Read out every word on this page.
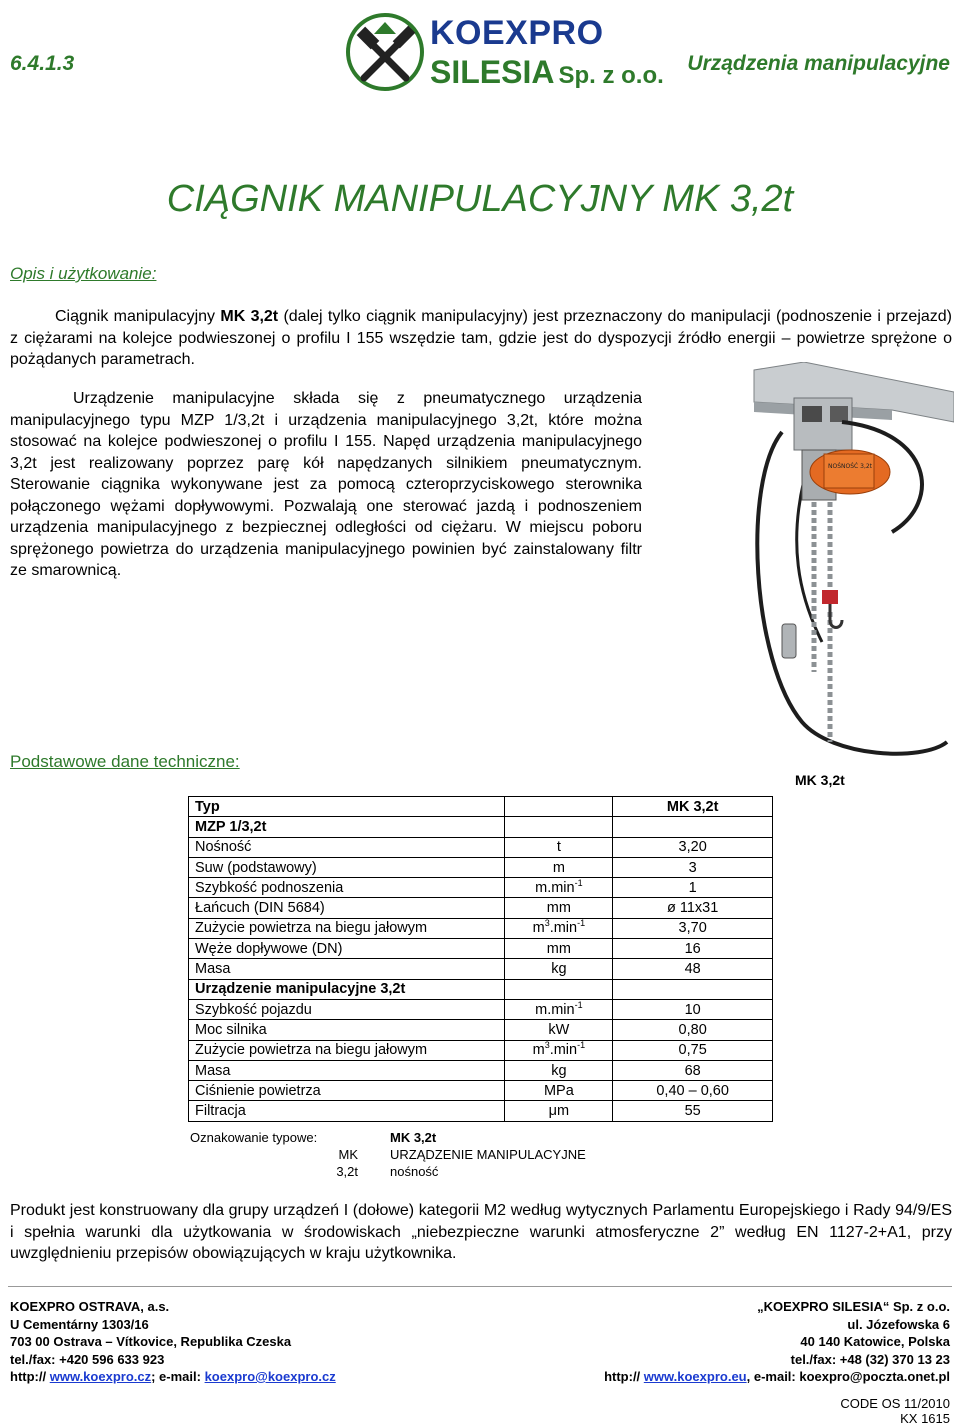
6.4.1.3
KOEXPRO
SILESIA Sp. z o.o. Urządzenia manipulacyjne
CIĄGNIK MANIPULACYJNY MK 3,2t
Opis i użytkowanie:

Ciągnik manipulacyjny MK 3,2t (dalej tylko ciągnik manipulacyjny) jest przeznaczony do manipulacji (podnoszenie i przejazd) z ciężarami na kolejce podwieszonej o profilu I 155 wszędzie tam, gdzie jest do dyspozycji źródło energii – powietrze sprężone o pożądanych parametrach.

Urządzenie manipulacyjne składa się z pneumatycznego urządzenia manipulacyjnego typu MZP 1/3,2t i urządzenia manipulacyjnego 3,2t, które można stosować na kolejce podwieszonej o profilu I 155. Napęd urządzenia manipulacyjnego 3,2t jest realizowany poprzez parę kół napędzanych silnikiem pneumatycznym. Sterowanie ciągnika wykonywane jest za pomocą czteroprzyciskowego sterownika połączonego wężami dopływowymi. Pozwalają one sterować jazdą i podnoszeniem urządzenia manipulacyjnego z bezpiecznej odległości od ciężaru. W miejscu poboru sprężonego powietrza do urządzenia manipulacyjnego powinien być zainstalowany filtr ze smarownicą.

NOŚNOŚĆ 3,2t
MK 3,2t
Podstawowe dane techniczne:
Typ		MK 3,2t
MZP 1/3,2t		
Nośność	t	3,20
Suw (podstawowy)	m	3
Szybkość podnoszenia	$m.\min^{-1}$	1
Łańcuch (DIN 5684)	mm	ø 11x31
Zużycie powietrza na biegu jałowym	$m^3.\min^{-1}$	3,70
Węże dopływowe (DN)	mm	16
Masa	kg	48
Urządzenie manipulacyjne 3,2t		
Szybkość pojazdu	$m.\min^{-1}$	10
Moc silnika	kW	0,80
Zużycie powietrza na biegu jałowym	$m^3.\min^{-1}$	0,75
Masa	kg	68
Ciśnienie powietrza	MPa	0,40 – 0,60
Filtracja	μm	55
Oznakowanie typowe:	MK 3,2t
MK URZĄDZENIE MANIPULACYJNE
3,2t nośność

Produkt jest konstruowany dla grupy urządzeń I (dołowe) kategorii M2 według wytycznych Parlamentu Europejskiego i Rady 94/9/ES i spełnia warunki dla użytkowania w środowiskach „niebezpieczne warunki atmosferyczne 2” według EN 1127-2+A1, przy uwzględnieniu przepisów obowiązujących w kraju użytkownika.

KOEXPRO OSTRAVA, a.s.
U Cementárny 1303/16
703 00 Ostrava – Vítkovice, Republika Czeska
tel./fax: +420 596 633 923
http:// www.koexpro.cz; e-mail: koexpro@koexpro.cz
„KOEXPRO SILESIA“ Sp. z o.o.
ul. Józefowska 6
40 140 Katowice, Polska
tel./fax: +48 (32) 370 13 23
http:// www.koexpro.eu, e-mail: koexpro@poczta.onet.pl
CODE OS 11/2010
KX 1615
